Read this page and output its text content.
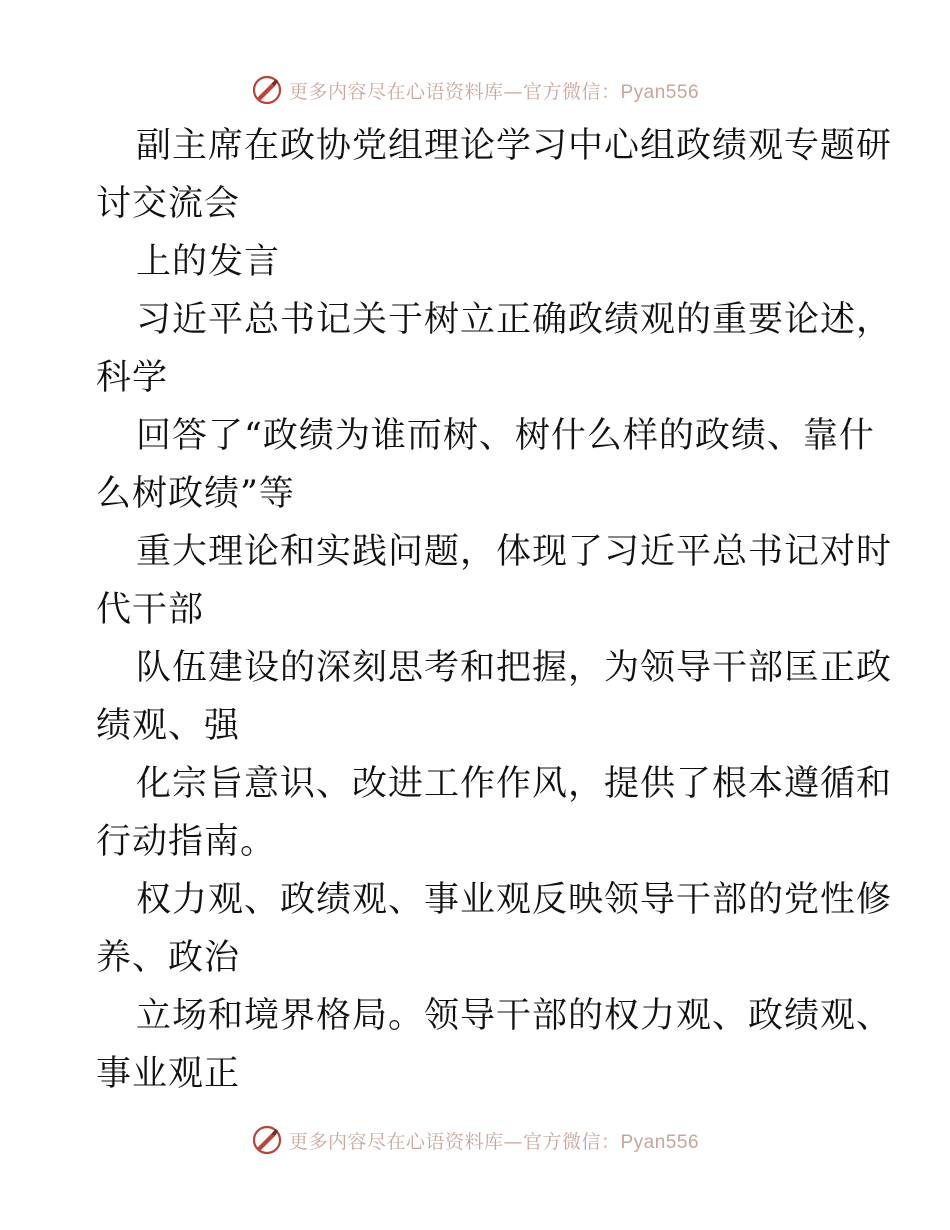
更多内容尽在心语资料库—官方微信：Pyan556
副主席在政协党组理论学习中心组政绩观专题研
讨交流会
上的发言
习近平总书记关于树立正确政绩观的重要论述，
科学
回答了“政绩为谁而树、树什么样的政绩、靠什
么树政绩”等
重大理论和实践问题，体现了习近平总书记对时
代干部
队伍建设的深刻思考和把握，为领导干部匡正政
绩观、强
化宗旨意识、改进工作作风，提供了根本遵循和
行动指南。
权力观、政绩观、事业观反映领导干部的党性修
养、政治
立场和境界格局。领导干部的权力观、政绩观、
事业观正
更多内容尽在心语资料库—官方微信：Pyan556
